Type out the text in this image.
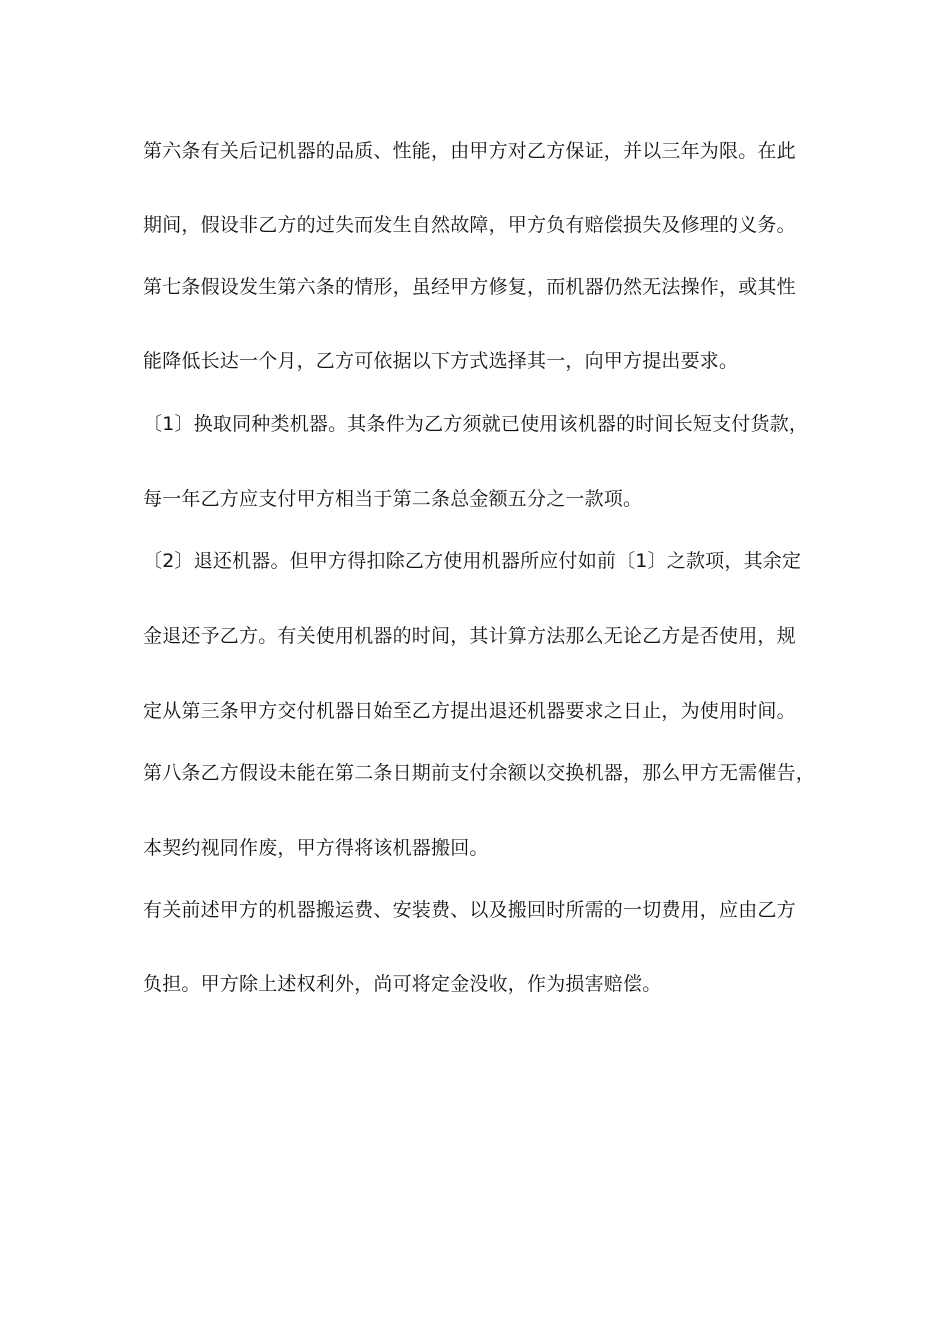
第六条有关后记机器的品质、性能，由甲方对乙方保证，并以三年为限。在此
期间，假设非乙方的过失而发生自然故障，甲方负有赔偿损失及修理的义务。
第七条假设发生第六条的情形，虽经甲方修复，而机器仍然无法操作，或其性
能降低长达一个月，乙方可依据以下方式选择其一，向甲方提出要求。
〔1〕换取同种类机器。其条件为乙方须就已使用该机器的时间长短支付货款，
每一年乙方应支付甲方相当于第二条总金额五分之一款项。
〔2〕退还机器。但甲方得扣除乙方使用机器所应付如前〔1〕之款项，其余定
金退还予乙方。有关使用机器的时间，其计算方法那么无论乙方是否使用，规
定从第三条甲方交付机器日始至乙方提出退还机器要求之日止，为使用时间。
第八条乙方假设未能在第二条日期前支付余额以交换机器，那么甲方无需催告，
本契约视同作废，甲方得将该机器搬回。
有关前述甲方的机器搬运费、安装费、以及搬回时所需的一切费用，应由乙方
负担。甲方除上述权利外，尚可将定金没收，作为损害赔偿。
